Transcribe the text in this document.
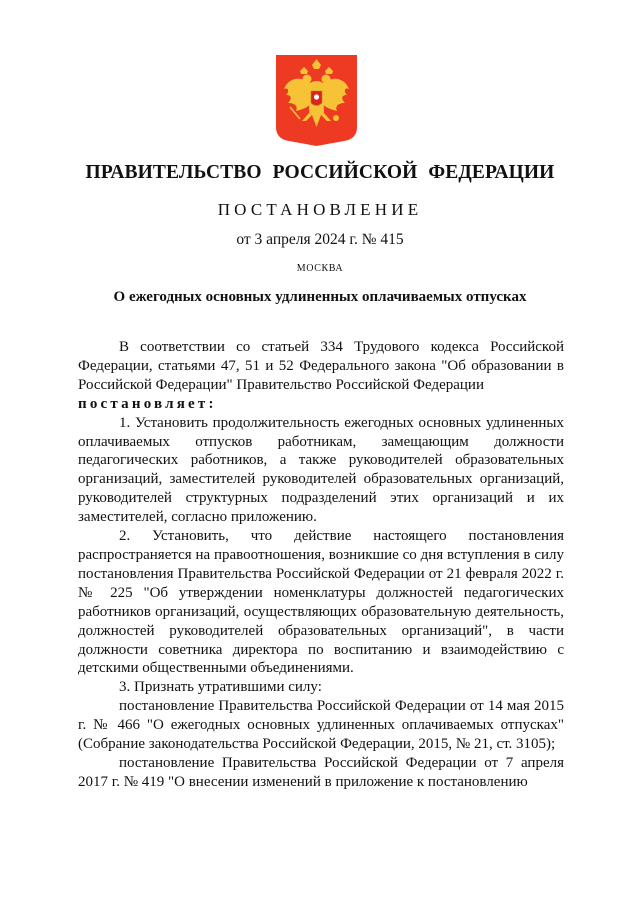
ПРАВИТЕЛЬСТВО РОССИЙСКОЙ ФЕДЕРАЦИИ
ПОСТАНОВЛЕНИЕ
от 3 апреля 2024 г. № 415
МОСКВА
О ежегодных основных удлиненных оплачиваемых отпусках

В соответствии со статьей 334 Трудового кодекса Российской Федерации, статьями 47, 51 и 52 Федерального закона "Об образовании в Российской Федерации" Правительство Российской Федерации

постановляет:

1. Установить продолжительность ежегодных основных удлиненных оплачиваемых отпусков работникам, замещающим должности педагогических работников, а также руководителей образовательных организаций, заместителей руководителей образовательных организаций, руководителей структурных подразделений этих организаций и их заместителей, согласно приложению.

2. Установить, что действие настоящего постановления распространяется на правоотношения, возникшие со дня вступления в силу постановления Правительства Российской Федерации от 21 февраля 2022 г. № 225 "Об утверждении номенклатуры должностей педагогических работников организаций, осуществляющих образовательную деятельность, должностей руководителей образовательных организаций", в части должности советника директора по воспитанию и взаимодействию с детскими общественными объединениями.

3. Признать утратившими силу:

постановление Правительства Российской Федерации от 14 мая 2015 г. № 466 "О ежегодных основных удлиненных оплачиваемых отпусках" (Собрание законодательства Российской Федерации, 2015, № 21, ст. 3105);

постановление Правительства Российской Федерации от 7 апреля 2017 г. № 419 "О внесении изменений в приложение к постановлению
